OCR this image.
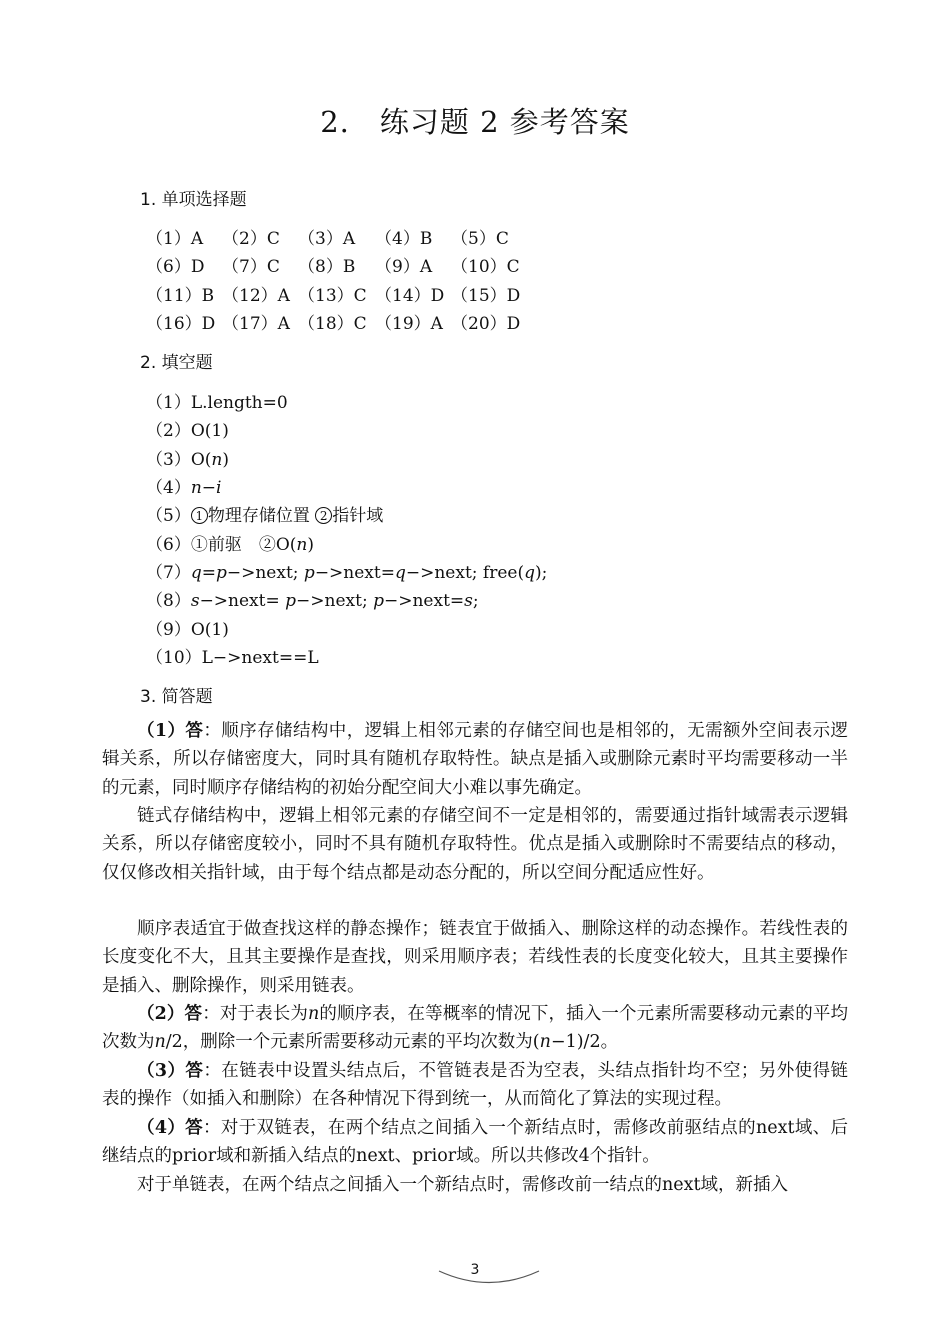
2.　练习题 2 参考答案
1. 单项选择题
（1）A （2）C （3）A （4）B （5）C
（6）D （7）C （8）B （9）A （10）C
（11）B （12）A （13）C （14）D （15）D
（16）D （17）A （18）C （19）A （20）D
2. 填空题
（1）L.length=0
（2）O(1)
（3）O(n)
（4）n−i
（5） 1 物理存储位置 2 指针域
（6）①前驱　②O(n)
（7）q=p−>next; p−>next=q−>next; free(q);
（8）s−>next= p−>next; p−>next=s;
（9）O(1)
（10）L−>next==L
3. 简答题
（1）答：顺序存储结构中，逻辑上相邻元素的存储空间也是相邻的，无需额外空间表示逻辑关系，所以存储密度大，同时具有随机存取特性。缺点是插入或删除元素时平均需要移动一半的元素，同时顺序存储结构的初始分配空间大小难以事先确定。
链式存储结构中，逻辑上相邻元素的存储空间不一定是相邻的，需要通过指针域需表示逻辑关系，所以存储密度较小，同时不具有随机存取特性。优点是插入或删除时不需要结点的移动，仅仅修改相关指针域，由于每个结点都是动态分配的，所以空间分配适应性好。
顺序表适宜于做查找这样的静态操作；链表宜于做插入、删除这样的动态操作。若线性表的长度变化不大，且其主要操作是查找，则采用顺序表；若线性表的长度变化较大，且其主要操作是插入、删除操作，则采用链表。
（2）答：对于表长为n的顺序表，在等概率的情况下，插入一个元素所需要移动元素的平均次数为n/2，删除一个元素所需要移动元素的平均次数为(n−1)/2。
（3）答：在链表中设置头结点后，不管链表是否为空表，头结点指针均不空；另外使得链表的操作（如插入和删除）在各种情况下得到统一，从而简化了算法的实现过程。
（4）答：对于双链表，在两个结点之间插入一个新结点时，需修改前驱结点的next域、后继结点的prior域和新插入结点的next、prior域。所以共修改4个指针。
对于单链表，在两个结点之间插入一个新结点时，需修改前一结点的next域，新插入
3
